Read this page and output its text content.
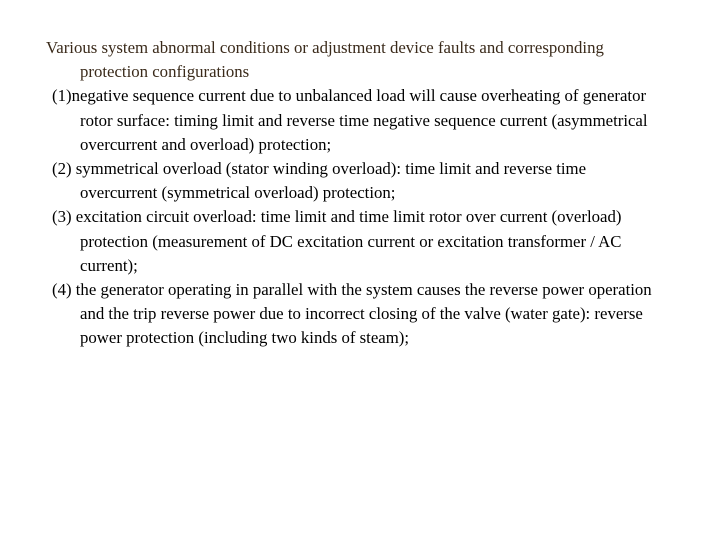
Various system abnormal conditions or adjustment device faults and corresponding protection configurations

(1)negative sequence current due to unbalanced load will cause overheating of generator rotor surface: timing limit and reverse time negative sequence current (asymmetrical overcurrent and overload) protection;

(2) symmetrical overload (stator winding overload): time limit and reverse time overcurrent (symmetrical overload) protection;

(3) excitation circuit overload: time limit and time limit rotor over current (overload) protection (measurement of DC excitation current or excitation transformer / AC current);

(4) the generator operating in parallel with the system causes the reverse power operation and the trip reverse power due to incorrect closing of the valve (water gate): reverse power protection (including two kinds of steam);
